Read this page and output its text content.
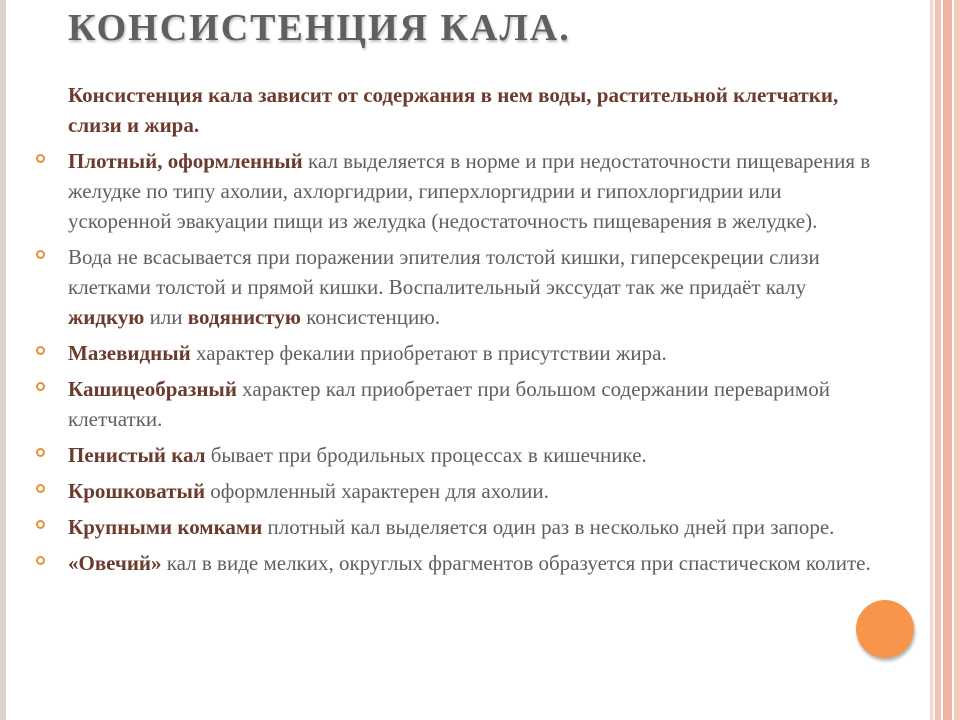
КОНСИСТЕНЦИЯ КАЛА.
Консистенция кала зависит от содержания в нем воды, растительной клетчатки, слизи и жира.
Плотный, оформленный кал выделяется в норме и при недостаточности пищеварения в желудке по типу ахолии, ахлоргидрии, гиперхлоргидрии и гипохлоргидрии или ускоренной эвакуации пищи из желудка (недостаточность пищеварения в желудке).
Вода не всасывается при поражении эпителия толстой кишки, гиперсекреции слизи клетками толстой и прямой кишки. Воспалительный экссудат так же придаёт калу жидкую или водянистую консистенцию.
Мазевидный характер фекалии приобретают в присутствии жира.
Кашицеобразный характер кал приобретает при большом содержании переваримой клетчатки.
Пенистый кал бывает при бродильных процессах в кишечнике.
Крошковатый оформленный характерен для ахолии.
Крупными комками плотный кал выделяется один раз в несколько дней при запоре.
«Овечий» кал в виде мелких, округлых фрагментов образуется при спастическом колите.
